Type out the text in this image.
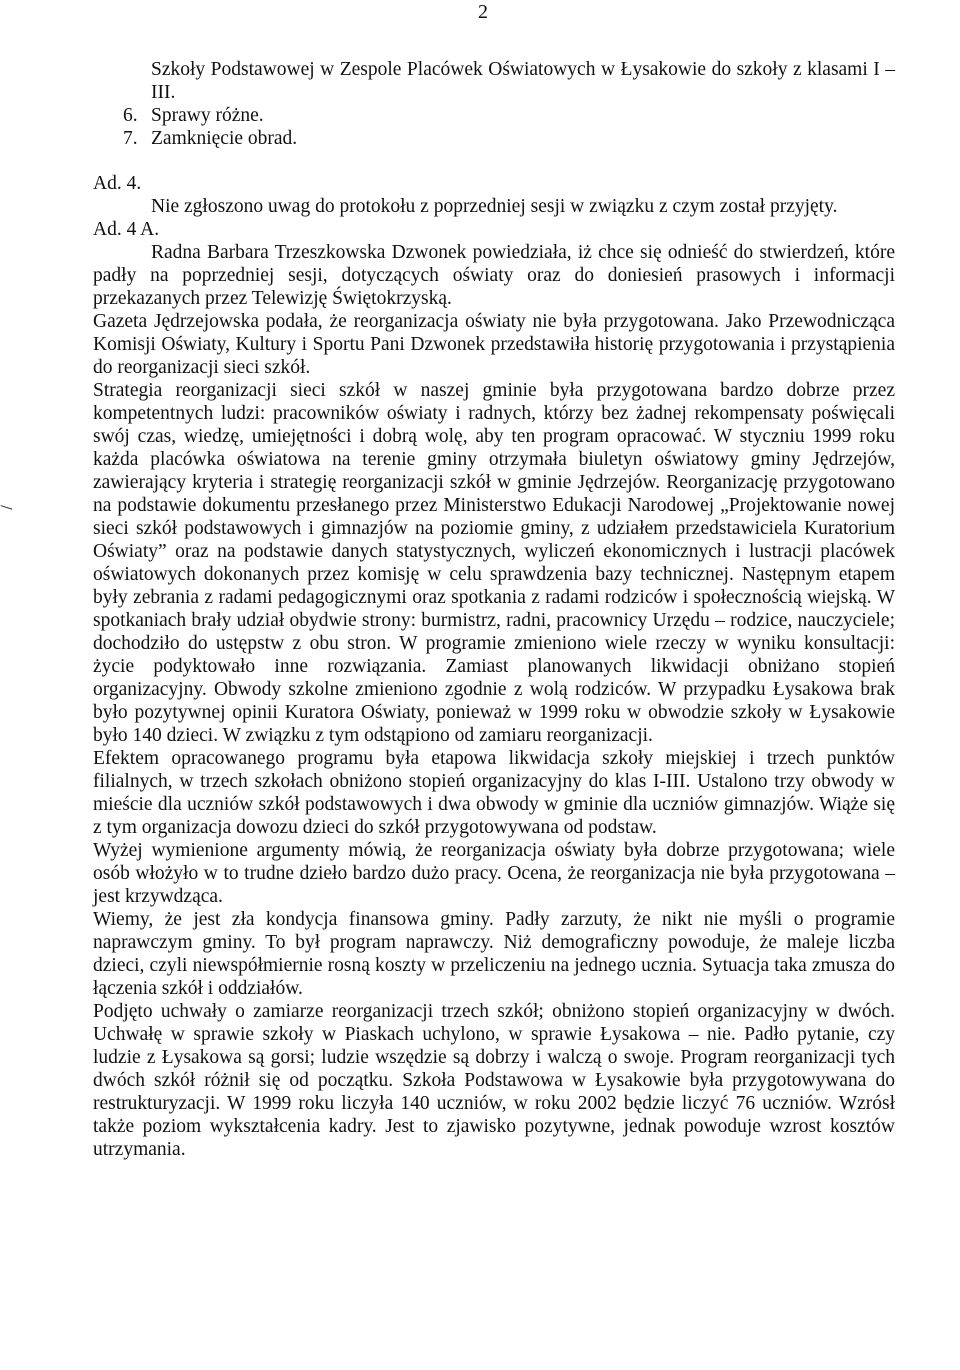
2

Szkoły Podstawowej w Zespole Placówek Oświatowych w Łysakowie do szkoły z klasami I – III.

6. Sprawy różne.

7. Zamknięcie obrad.

Ad. 4.

Nie zgłoszono uwag do protokołu z poprzedniej sesji w związku z czym został przyjęty.

Ad. 4 A.

Radna Barbara Trzeszkowska Dzwonek powiedziała, iż chce się odnieść do stwierdzeń, które padły na poprzedniej sesji, dotyczących oświaty oraz do doniesień prasowych i informacji przekazanych przez Telewizję Świętokrzyską.

Gazeta Jędrzejowska podała, że reorganizacja oświaty nie była przygotowana. Jako Przewodnicząca Komisji Oświaty, Kultury i Sportu Pani Dzwonek przedstawiła historię przygotowania i przystąpienia do reorganizacji sieci szkół.

Strategia reorganizacji sieci szkół w naszej gminie była przygotowana bardzo dobrze przez kompetentnych ludzi: pracowników oświaty i radnych, którzy bez żadnej rekompensaty poświęcali swój czas, wiedzę, umiejętności i dobrą wolę, aby ten program opracować. W styczniu 1999 roku każda placówka oświatowa na terenie gminy otrzymała biuletyn oświatowy gminy Jędrzejów, zawierający kryteria i strategię reorganizacji szkół w gminie Jędrzejów. Reorganizację przygotowano na podstawie dokumentu przesłanego przez Ministerstwo Edukacji Narodowej „Projektowanie nowej sieci szkół podstawowych i gimnazjów na poziomie gminy, z udziałem przedstawiciela Kuratorium Oświaty” oraz na podstawie danych statystycznych, wyliczeń ekonomicznych i lustracji placówek oświatowych dokonanych przez komisję w celu sprawdzenia bazy technicznej. Następnym etapem były zebrania z radami pedagogicznymi oraz spotkania z radami rodziców i społecznością wiejską. W spotkaniach brały udział obydwie strony: burmistrz, radni, pracownicy Urzędu – rodzice, nauczyciele; dochodziło do ustępstw z obu stron. W programie zmieniono wiele rzeczy w wyniku konsultacji: życie podyktowało inne rozwiązania. Zamiast planowanych likwidacji obniżano stopień organizacyjny. Obwody szkolne zmieniono zgodnie z wolą rodziców. W przypadku Łysakowa brak było pozytywnej opinii Kuratora Oświaty, ponieważ w 1999 roku w obwodzie szkoły w Łysakowie było 140 dzieci. W związku z tym odstąpiono od zamiaru reorganizacji.

Efektem opracowanego programu była etapowa likwidacja szkoły miejskiej i trzech punktów filialnych, w trzech szkołach obniżono stopień organizacyjny do klas I-III. Ustalono trzy obwody w mieście dla uczniów szkół podstawowych i dwa obwody w gminie dla uczniów gimnazjów. Wiąże się z tym organizacja dowozu dzieci do szkół przygotowywana od podstaw.

Wyżej wymienione argumenty mówią, że reorganizacja oświaty była dobrze przygotowana; wiele osób włożyło w to trudne dzieło bardzo dużo pracy. Ocena, że reorganizacja nie była przygotowana – jest krzywdząca.

Wiemy, że jest zła kondycja finansowa gminy. Padły zarzuty, że nikt nie myśli o programie naprawczym gminy. To był program naprawczy. Niż demograficzny powoduje, że maleje liczba dzieci, czyli niewspółmiernie rosną koszty w przeliczeniu na jednego ucznia. Sytuacja taka zmusza do łączenia szkół i oddziałów.

Podjęto uchwały o zamiarze reorganizacji trzech szkół; obniżono stopień organizacyjny w dwóch. Uchwałę w sprawie szkoły w Piaskach uchylono, w sprawie Łysakowa – nie. Padło pytanie, czy ludzie z Łysakowa są gorsi; ludzie wszędzie są dobrzy i walczą o swoje. Program reorganizacji tych dwóch szkół różnił się od początku. Szkoła Podstawowa w Łysakowie była przygotowywana do restrukturyzacji. W 1999 roku liczyła 140 uczniów, w roku 2002 będzie liczyć 76 uczniów. Wzrósł także poziom wykształcenia kadry. Jest to zjawisko pozytywne, jednak powoduje wzrost kosztów utrzymania.
